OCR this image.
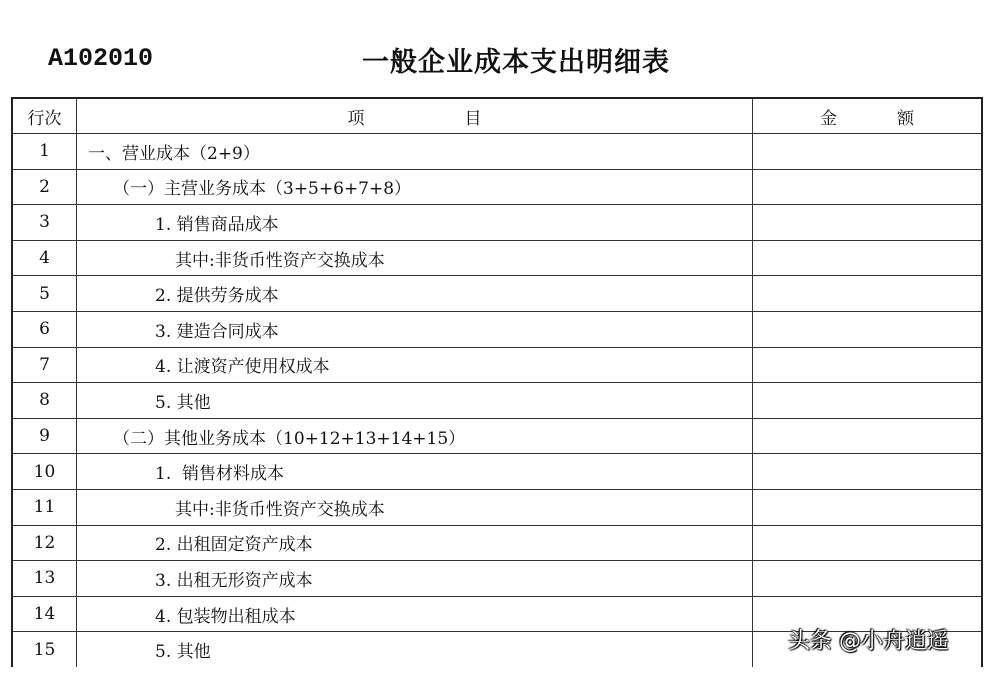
A102010	一般企业成本支出明细表
行次	项 目	金 额
1	一、营业成本（2+9）	
2	（一）主营业务成本（3+5+6+7+8）	
3	1. 销售商品成本	
4	其中:非货币性资产交换成本	
5	2. 提供劳务成本	
6	3. 建造合同成本	
7	4. 让渡资产使用权成本	
8	5. 其他	
9	（二）其他业务成本（10+12+13+14+15）	
10	1.  销售材料成本	
11	其中:非货币性资产交换成本	
12	2. 出租固定资产成本	
13	3. 出租无形资产成本	
14	4. 包装物出租成本	
15	5. 其他		头条 @小舟逍遥
